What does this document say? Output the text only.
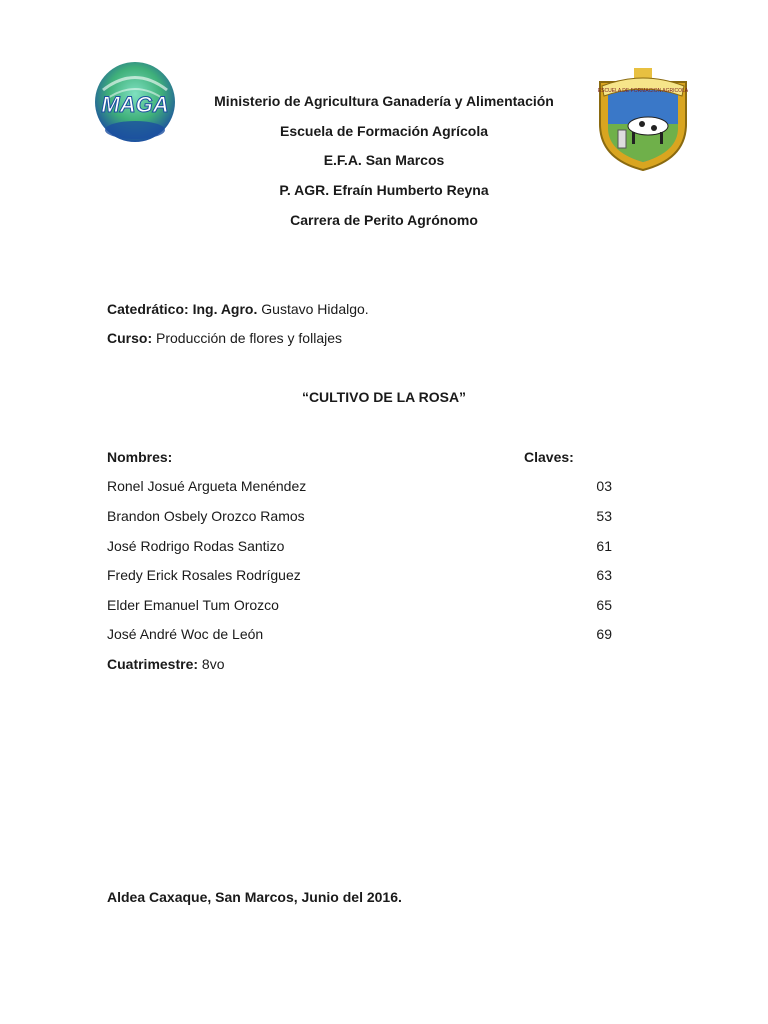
MAGA
ESCUELA DE FORMACION AGRICOLA
Ministerio de Agricultura Ganadería y Alimentación
Escuela de Formación Agrícola
E.F.A. San Marcos
P. AGR. Efraín Humberto Reyna
Carrera de Perito Agrónomo
Catedrático: Ing. Agro. Gustavo Hidalgo.
Curso: Producción de flores y follajes
“CULTIVO DE LA ROSA”
Nombres:	Claves:
Ronel Josué Argueta Menéndez	03
Brandon Osbely Orozco Ramos	53
José Rodrigo Rodas Santizo	61
Fredy Erick Rosales Rodríguez	63
Elder Emanuel Tum Orozco	65
José André Woc de León	69
Cuatrimestre: 8vo
Aldea Caxaque, San Marcos, Junio del 2016.
